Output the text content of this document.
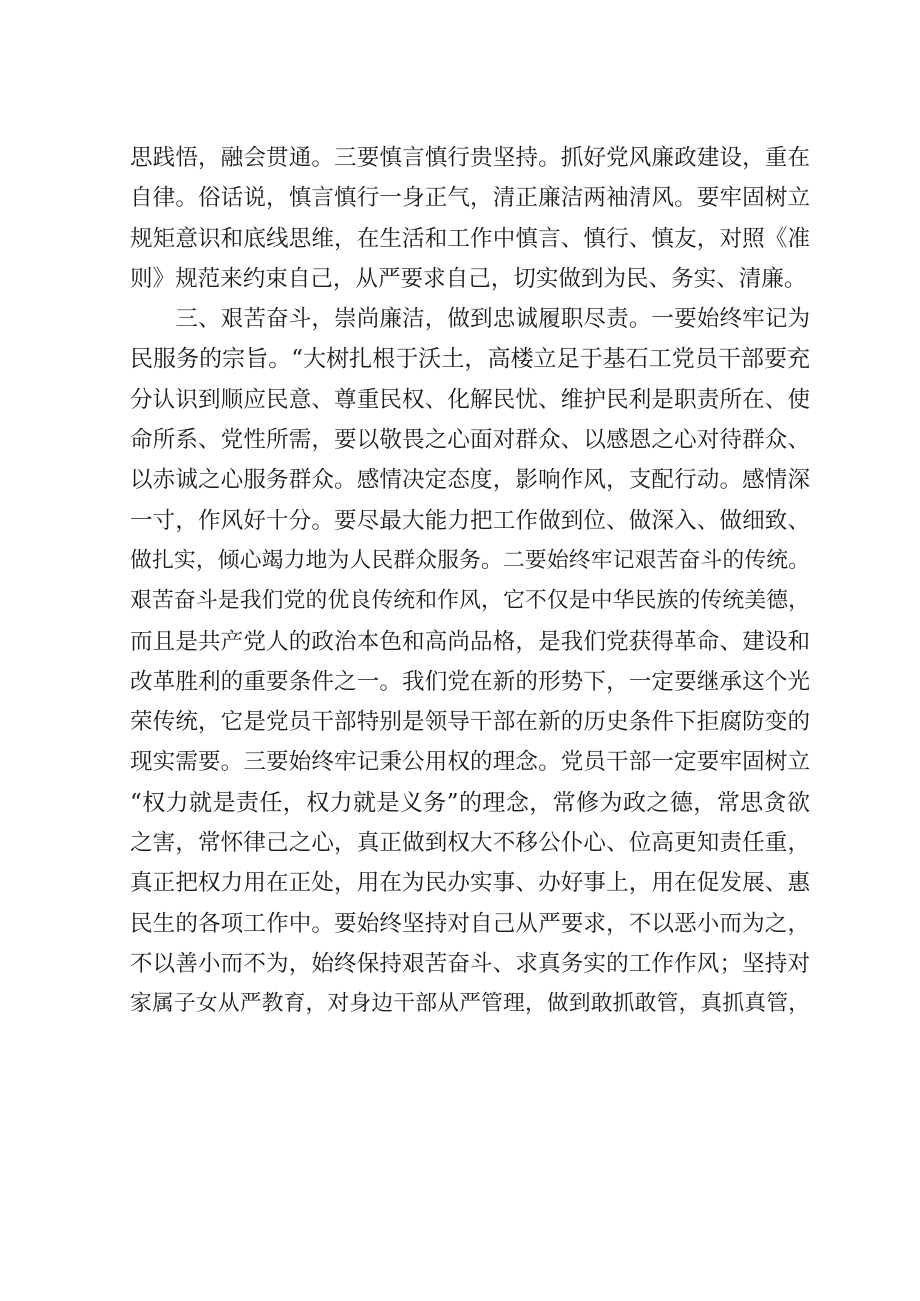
思践悟，融会贯通。三要慎言慎行贵坚持。抓好党风廉政建设，重在
自律。俗话说，慎言慎行一身正气，清正廉洁两袖清风。要牢固树立
规矩意识和底线思维，在生活和工作中慎言、慎行、慎友，对照《准
则》规范来约束自己，从严要求自己，切实做到为民、务实、清廉。
　　三、艰苦奋斗，崇尚廉洁，做到忠诚履职尽责。一要始终牢记为
民服务的宗旨。“大树扎根于沃土，高楼立足于基石工党员干部要充
分认识到顺应民意、尊重民权、化解民忧、维护民利是职责所在、使
命所系、党性所需，要以敬畏之心面对群众、以感恩之心对待群众、
以赤诚之心服务群众。感情决定态度，影响作风，支配行动。感情深
一寸，作风好十分。要尽最大能力把工作做到位、做深入、做细致、
做扎实，倾心竭力地为人民群众服务。二要始终牢记艰苦奋斗的传统。
艰苦奋斗是我们党的优良传统和作风，它不仅是中华民族的传统美德，
而且是共产党人的政治本色和高尚品格，是我们党获得革命、建设和
改革胜利的重要条件之一。我们党在新的形势下，一定要继承这个光
荣传统，它是党员干部特别是领导干部在新的历史条件下拒腐防变的
现实需要。三要始终牢记秉公用权的理念。党员干部一定要牢固树立
“权力就是责任，权力就是义务”的理念，常修为政之德，常思贪欲
之害，常怀律己之心，真正做到权大不移公仆心、位高更知责任重，
真正把权力用在正处，用在为民办实事、办好事上，用在促发展、惠
民生的各项工作中。要始终坚持对自己从严要求，不以恶小而为之，
不以善小而不为，始终保持艰苦奋斗、求真务实的工作作风；坚持对
家属子女从严教育，对身边干部从严管理，做到敢抓敢管，真抓真管，
